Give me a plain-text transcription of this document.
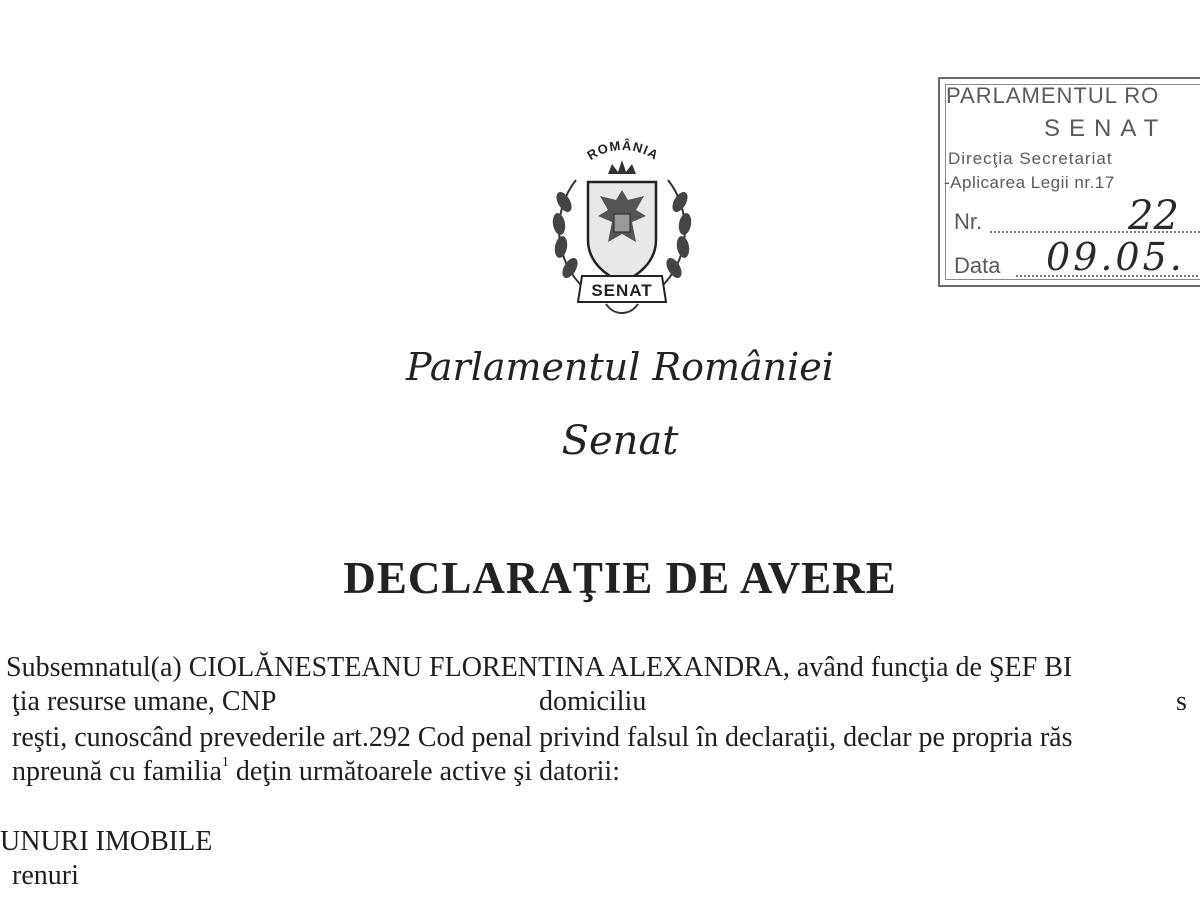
PARLAMENTUL RO
SENAT
Direcţia Secretariat
-Aplicarea Legii nr.17
Nr.	22
Data 09.05.
ROMÂNIA
SENAT
Parlamentul României
Senat
DECLARAŢIE DE AVERE
Subsemnatul(a) CIOLĂNESTEANU FLORENTINA ALEXANDRA, având funcţia de ŞEF BI
ţia resurse umane, CNP	domiciliu	s
reşti, cunoscând prevederile art.292 Cod penal privind falsul în declaraţii, declar pe propria răs
npreună cu familia$^1$ deţin următoarele active şi datorii:
UNURI IMOBILE
renuri
